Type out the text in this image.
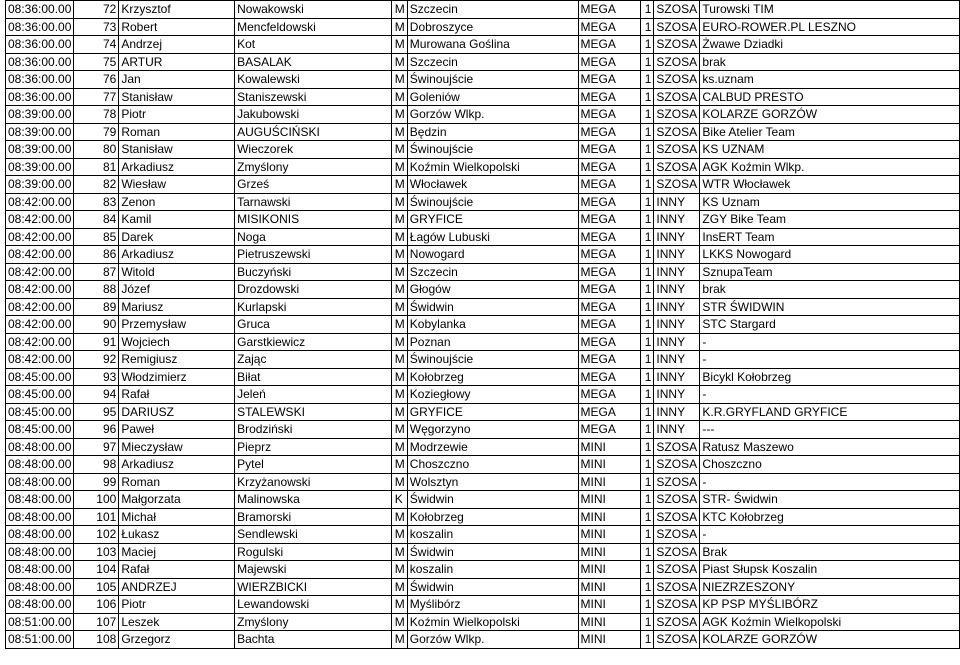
08:36:00.00	72	Krzysztof	Nowakowski	M	Szczecin	MEGA	1	SZOSA	Turowski TIM
08:36:00.00	73	Robert	Mencfeldowski	M	Dobroszyce	MEGA	1	SZOSA	EURO-ROWER.PL LESZNO
08:36:00.00	74	Andrzej	Kot	M	Murowana Goślina	MEGA	1	SZOSA	Żwawe Dziadki
08:36:00.00	75	ARTUR	BASALAK	M	Szczecin	MEGA	1	SZOSA	brak
08:36:00.00	76	Jan	Kowalewski	M	Świnoujście	MEGA	1	SZOSA	ks.uznam
08:36:00.00	77	Stanisław	Staniszewski	M	Goleniów	MEGA	1	SZOSA	CALBUD PRESTO
08:39:00.00	78	Piotr	Jakubowski	M	Gorzów Wlkp.	MEGA	1	SZOSA	KOLARZE GORZÓW
08:39:00.00	79	Roman	AUGUŚCIŃSKI	M	Będzin	MEGA	1	SZOSA	Bike Atelier Team
08:39:00.00	80	Stanisław	Wieczorek	M	Świnoujście	MEGA	1	SZOSA	KS UZNAM
08:39:00.00	81	Arkadiusz	Zmyślony	M	Koźmin Wielkopolski	MEGA	1	SZOSA	AGK Koźmin Wlkp.
08:39:00.00	82	Wiesław	Grześ	M	Włocławek	MEGA	1	SZOSA	WTR Włocławek
08:42:00.00	83	Zenon	Tarnawski	M	Świnoujście	MEGA	1	INNY	KS Uznam
08:42:00.00	84	Kamil	MISIKONIS	M	GRYFICE	MEGA	1	INNY	ZGY Bike Team
08:42:00.00	85	Darek	Noga	M	Łagów Lubuski	MEGA	1	INNY	InsERT Team
08:42:00.00	86	Arkadiusz	Pietruszewski	M	Nowogard	MEGA	1	INNY	LKKS Nowogard
08:42:00.00	87	Witold	Buczyński	M	Szczecin	MEGA	1	INNY	SznupaTeam
08:42:00.00	88	Józef	Drozdowski	M	Głogów	MEGA	1	INNY	brak
08:42:00.00	89	Mariusz	Kurlapski	M	Świdwin	MEGA	1	INNY	STR ŚWIDWIN
08:42:00.00	90	Przemysław	Gruca	M	Kobylanka	MEGA	1	INNY	STC Stargard
08:42:00.00	91	Wojciech	Garstkiewicz	M	Poznan	MEGA	1	INNY	-
08:42:00.00	92	Remigiusz	Zając	M	Świnoujście	MEGA	1	INNY	-
08:45:00.00	93	Włodzimierz	Biłat	M	Kołobrzeg	MEGA	1	INNY	Bicykl Kołobrzeg
08:45:00.00	94	Rafał	Jeleń	M	Koziegłowy	MEGA	1	INNY	-
08:45:00.00	95	DARIUSZ	STALEWSKI	M	GRYFICE	MEGA	1	INNY	K.R.GRYFLAND GRYFICE
08:45:00.00	96	Paweł	Brodziński	M	Węgorzyno	MEGA	1	INNY	---
08:48:00.00	97	Mieczysław	Pieprz	M	Modrzewie	MINI	1	SZOSA	Ratusz Maszewo
08:48:00.00	98	Arkadiusz	Pytel	M	Choszczno	MINI	1	SZOSA	Choszczno
08:48:00.00	99	Roman	Krzyżanowski	M	Wolsztyn	MINI	1	SZOSA	-
08:48:00.00	100	Małgorzata	Malinowska	K	Świdwin	MINI	1	SZOSA	STR- Świdwin
08:48:00.00	101	Michał	Bramorski	M	Kołobrzeg	MINI	1	SZOSA	KTC Kołobrzeg
08:48:00.00	102	Łukasz	Sendlewski	M	koszalin	MINI	1	SZOSA	-
08:48:00.00	103	Maciej	Rogulski	M	Świdwin	MINI	1	SZOSA	Brak
08:48:00.00	104	Rafał	Majewski	M	koszalin	MINI	1	SZOSA	Piast Słupsk Koszalin
08:48:00.00	105	ANDRZEJ	WIERZBICKI	M	Świdwin	MINI	1	SZOSA	NIEZRZESZONY
08:48:00.00	106	Piotr	Lewandowski	M	Myślibórz	MINI	1	SZOSA	KP PSP MYŚLIBÓRZ
08:51:00.00	107	Leszek	Zmyślony	M	Koźmin Wielkopolski	MINI	1	SZOSA	AGK Koźmin Wielkopolski
08:51:00.00	108	Grzegorz	Bachta	M	Gorzów Wlkp.	MINI	1	SZOSA	KOLARZE GORZÓW
